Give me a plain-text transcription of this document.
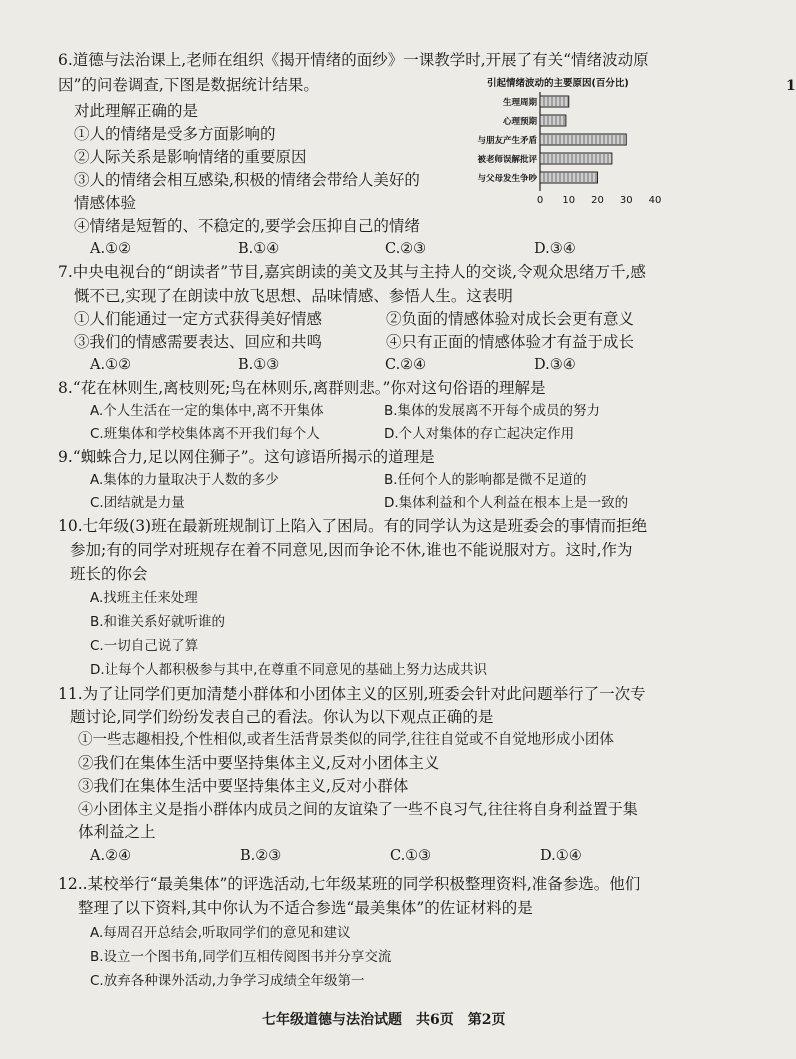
1
6.道德与法治课上,老师在组织《揭开情绪的面纱》一课教学时,开展了有关“情绪波动原
因”的问卷调查,下图是数据统计结果。
对此理解正确的是
①人的情绪是受多方面影响的
②人际关系是影响情绪的重要原因
③人的情绪会相互感染,积极的情绪会带给人美好的
情感体验
④情绪是短暂的、不稳定的,要学会压抑自己的情绪
A.①②	B.①④	C.②③	D.③④
引起情绪波动的主要原因(百分比)
生理周期
心理预期
与朋友产生矛盾
被老师误解批评
与父母发生争吵
0 10 20 30 40
7.中央电视台的“朗读者”节目,嘉宾朗读的美文及其与主持人的交谈,令观众思绪万千,感
慨不已,实现了在朗读中放飞思想、品味情感、参悟人生。这表明
①人们能通过一定方式获得美好情感	②负面的情感体验对成长会更有意义
③我们的情感需要表达、回应和共鸣	④只有正面的情感体验才有益于成长
A.①②	B.①③	C.②④	D.③④
8.“花在林则生,离枝则死;鸟在林则乐,离群则悲。”你对这句俗语的理解是
A.个人生活在一定的集体中,离不开集体	B.集体的发展离不开每个成员的努力
C.班集体和学校集体离不开我们每个人	D.个人对集体的存亡起决定作用
9.“蜘蛛合力,足以网住狮子”。这句谚语所揭示的道理是
A.集体的力量取决于人数的多少	B.任何个人的影响都是微不足道的
C.团结就是力量	D.集体利益和个人利益在根本上是一致的
10.七年级(3)班在最新班规制订上陷入了困局。有的同学认为这是班委会的事情而拒绝
参加;有的同学对班规存在着不同意见,因而争论不休,谁也不能说服对方。这时,作为
班长的你会
A.找班主任来处理
B.和谁关系好就听谁的
C.一切自己说了算
D.让每个人都积极参与其中,在尊重不同意见的基础上努力达成共识
11.为了让同学们更加清楚小群体和小团体主义的区别,班委会针对此问题举行了一次专
题讨论,同学们纷纷发表自己的看法。你认为以下观点正确的是
①一些志趣相投,个性相似,或者生活背景类似的同学,往往自觉或不自觉地形成小团体
②我们在集体生活中要坚持集体主义,反对小团体主义
③我们在集体生活中要坚持集体主义,反对小群体
④小团体主义是指小群体内成员之间的友谊染了一些不良习气,往往将自身利益置于集
体利益之上
A.②④	B.②③	C.①③	D.①④
12..某校举行“最美集体”的评选活动,七年级某班的同学积极整理资料,准备参选。他们
整理了以下资料,其中你认为不适合参选“最美集体”的佐证材料的是
A.每周召开总结会,听取同学们的意见和建议
B.设立一个图书角,同学们互相传阅图书并分享交流
C.放弃各种课外活动,力争学习成绩全年级第一
七年级道德与法治试题　共6页　第2页
